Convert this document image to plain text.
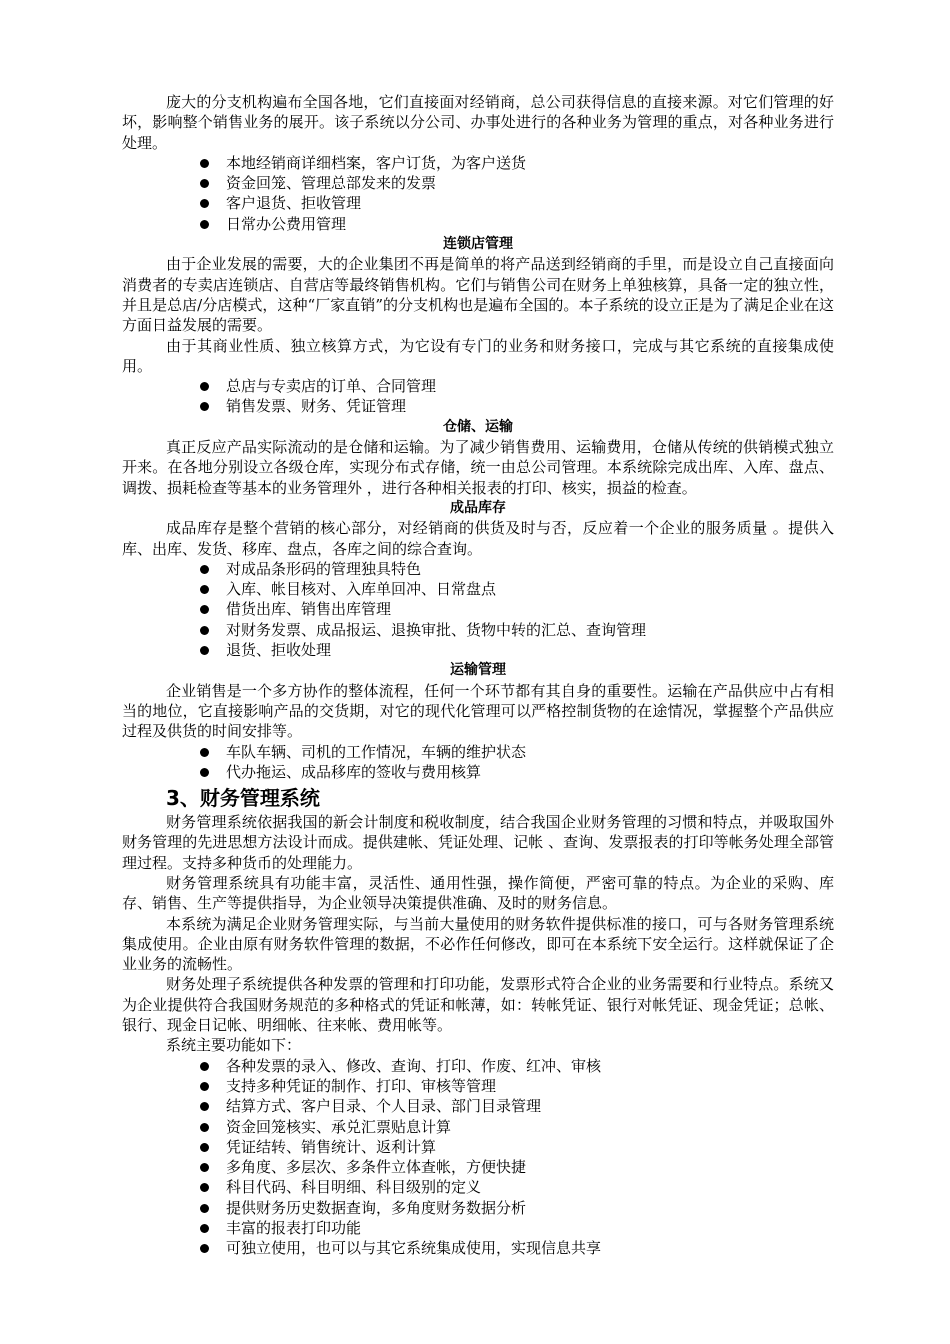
庞大的分支机构遍布全国各地，它们直接面对经销商，总公司获得信息的直接来源。对它们管理的好坏，影响整个销售业务的展开。该子系统以分公司、办事处进行的各种业务为管理的重点，对各种业务进行处理。

本地经销商详细档案，客户订货，为客户送货
资金回笼、管理总部发来的发票
客户退货、拒收管理
日常办公费用管理

连锁店管理

由于企业发展的需要，大的企业集团不再是简单的将产品送到经销商的手里，而是设立自己直接面向消费者的专卖店连锁店、自营店等最终销售机构。它们与销售公司在财务上单独核算，具备一定的独立性，并且是总店/分店模式，这种“厂家直销”的分支机构也是遍布全国的。本子系统的设立正是为了满足企业在这方面日益发展的需要。

由于其商业性质、独立核算方式，为它设有专门的业务和财务接口，完成与其它系统的直接集成使用。

总店与专卖店的订单、合同管理
销售发票、财务、凭证管理

仓储、运输

真正反应产品实际流动的是仓储和运输。为了减少销售费用、运输费用，仓储从传统的供销模式独立开来。在各地分别设立各级仓库，实现分布式存储，统一由总公司管理。本系统除完成出库、入库、盘点、调拨、损耗检查等基本的业务管理外 ，进行各种相关报表的打印、核实，损益的检查。

成品库存

成品库存是整个营销的核心部分，对经销商的供货及时与否，反应着一个企业的服务质量 。提供入库、出库、发货、移库、盘点，各库之间的综合查询。

对成品条形码的管理独具特色
入库、帐目核对、入库单回冲、日常盘点
借货出库、销售出库管理
对财务发票、成品报运、退换审批、货物中转的汇总、查询管理
退货、拒收处理

运输管理

企业销售是一个多方协作的整体流程，任何一个环节都有其自身的重要性。运输在产品供应中占有相当的地位，它直接影响产品的交货期，对它的现代化管理可以严格控制货物的在途情况，掌握整个产品供应过程及供货的时间安排等。

车队车辆、司机的工作情况，车辆的维护状态
代办拖运、成品移库的签收与费用核算
3、财务管理系统

财务管理系统依据我国的新会计制度和税收制度，结合我国企业财务管理的习惯和特点，并吸取国外财务管理的先进思想方法设计而成。提供建帐、凭证处理、记帐 、查询、发票报表的打印等帐务处理全部管理过程。支持多种货币的处理能力。

财务管理系统具有功能丰富，灵活性、通用性强，操作简便，严密可靠的特点。为企业的采购、库存、销售、生产等提供指导，为企业领导决策提供准确、及时的财务信息。

本系统为满足企业财务管理实际，与当前大量使用的财务软件提供标准的接口，可与各财务管理系统集成使用。企业由原有财务软件管理的数据，不必作任何修改，即可在本系统下安全运行。这样就保证了企业业务的流畅性。

财务处理子系统提供各种发票的管理和打印功能，发票形式符合企业的业务需要和行业特点。系统又为企业提供符合我国财务规范的多种格式的凭证和帐薄，如：转帐凭证、银行对帐凭证、现金凭证；总帐、银行、现金日记帐、明细帐、往来帐、费用帐等。

系统主要功能如下：

各种发票的录入、修改、查询、打印、作废、红冲、审核
支持多种凭证的制作、打印、审核等管理
结算方式、客户目录、个人目录、部门目录管理
资金回笼核实、承兑汇票贴息计算
凭证结转、销售统计、返利计算
多角度、多层次、多条件立体查帐，方便快捷
科目代码、科目明细、科目级别的定义
提供财务历史数据查询，多角度财务数据分析
丰富的报表打印功能
可独立使用，也可以与其它系统集成使用，实现信息共享
